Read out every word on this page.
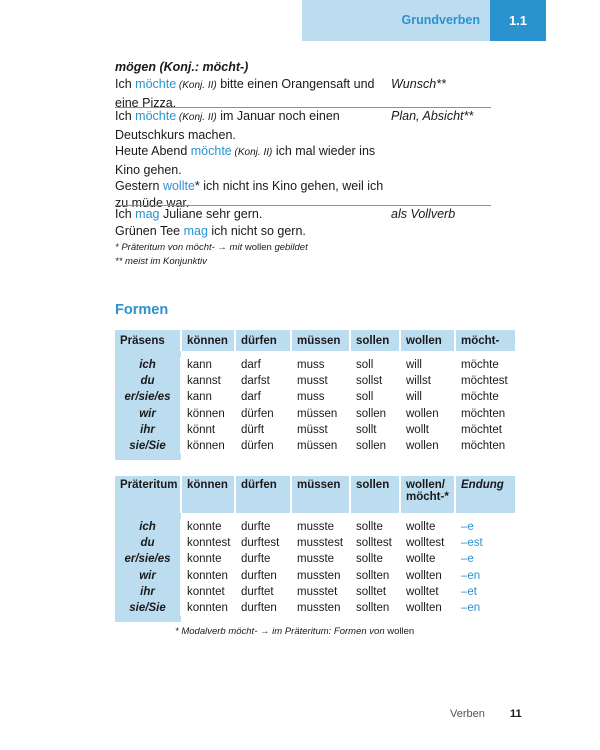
Grundverben	1.1
mögen (Konj.: möcht-)
Ich möchte (Konj. II) bitte einen Orangensaft und
eine Pizza.
Wunsch**
Ich möchte (Konj. II) im Januar noch einen
Deutschkurs machen.
Heute Abend möchte (Konj. II) ich mal wieder ins
Kino gehen.
Gestern wollte* ich nicht ins Kino gehen, weil ich
zu müde war.
Plan, Absicht**
Ich mag Juliane sehr gern.
Grünen Tee mag ich nicht so gern.
als Vollverb
* Präteritum von möcht- → mit wollen gebildet
** meist im Konjunktiv
Formen
Präsens	können	dürfen	müssen	sollen	wollen	möcht-

ich	kann	darf	muss	soll	will	möchte
du	kannst	darfst	musst	sollst	willst	möchtest
er/sie/es	kann	darf	muss	soll	will	möchte
wir	können	dürfen	müssen	sollen	wollen	möchten
ihr	könnt	dürft	müsst	sollt	wollt	möchtet
sie/Sie	können	dürfen	müssen	sollen	wollen	möchten

Präteritum	können	dürfen	müssen	sollen	wollen/ möcht-*	Endung

ich	konnte	durfte	musste	sollte	wollte	–e
du	konntest	durftest	musstest	solltest	wolltest	–est
er/sie/es	konnte	durfte	musste	sollte	wollte	–e
wir	konnten	durften	mussten	sollten	wollten	–en
ihr	konntet	durftet	musstet	solltet	wolltet	–et
sie/Sie	konnten	durften	mussten	sollten	wollten	–en

* Modalverb möcht- → im Präteritum: Formen von wollen
Verben 11
